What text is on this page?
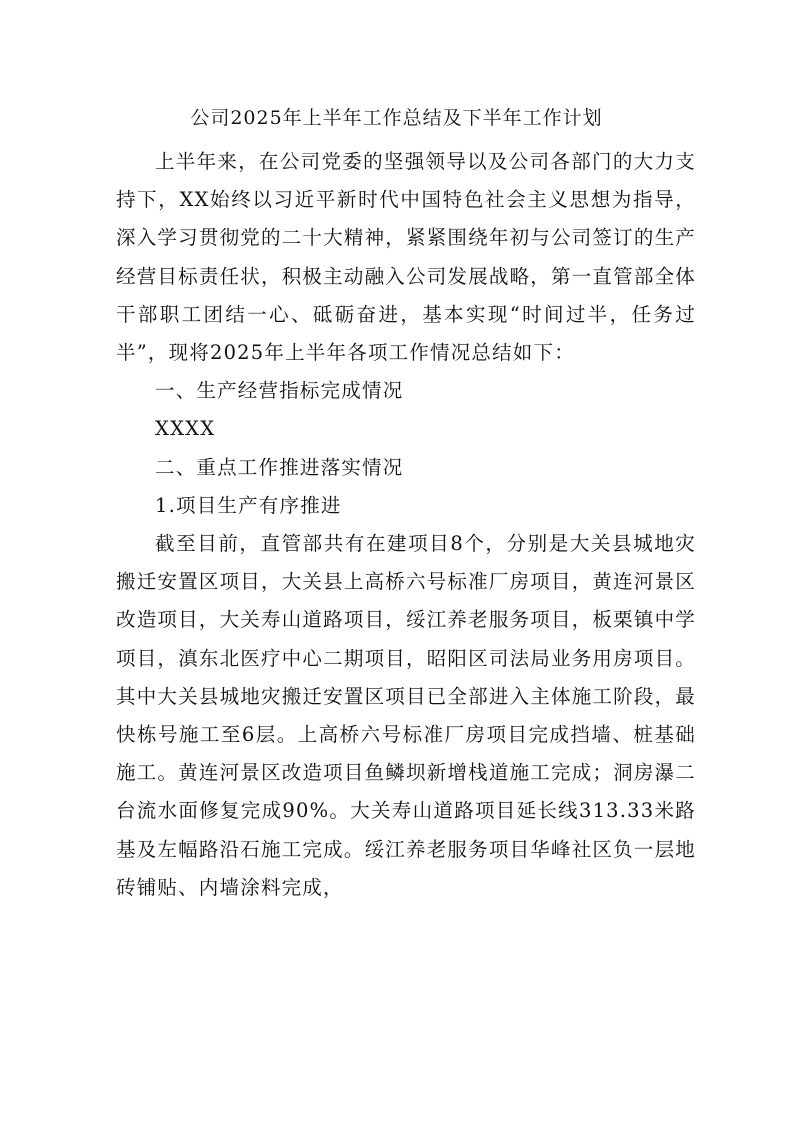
公司2025年上半年工作总结及下半年工作计划

上半年来，在公司党委的坚强领导以及公司各部门的大力支持下，XX始终以习近平新时代中国特色社会主义思想为指导，深入学习贯彻党的二十大精神，紧紧围绕年初与公司签订的生产经营目标责任状，积极主动融入公司发展战略，第一直管部全体干部职工团结一心、砥砺奋进，基本实现“时间过半，任务过半”，现将2025年上半年各项工作情况总结如下：

一、生产经营指标完成情况

XXXX

二、重点工作推进落实情况

1.项目生产有序推进

截至目前，直管部共有在建项目8个，分别是大关县城地灾搬迁安置区项目，大关县上高桥六号标准厂房项目，黄连河景区改造项目，大关寿山道路项目，绥江养老服务项目，板栗镇中学项目，滇东北医疗中心二期项目，昭阳区司法局业务用房项目。其中大关县城地灾搬迁安置区项目已全部进入主体施工阶段，最快栋号施工至6层。上高桥六号标准厂房项目完成挡墙、桩基础施工。黄连河景区改造项目鱼鳞坝新增栈道施工完成；洞房瀑二台流水面修复完成90%。大关寿山道路项目延长线313.33米路基及左幅路沿石施工完成。绥江养老服务项目华峰社区负一层地砖铺贴、内墙涂料完成，
